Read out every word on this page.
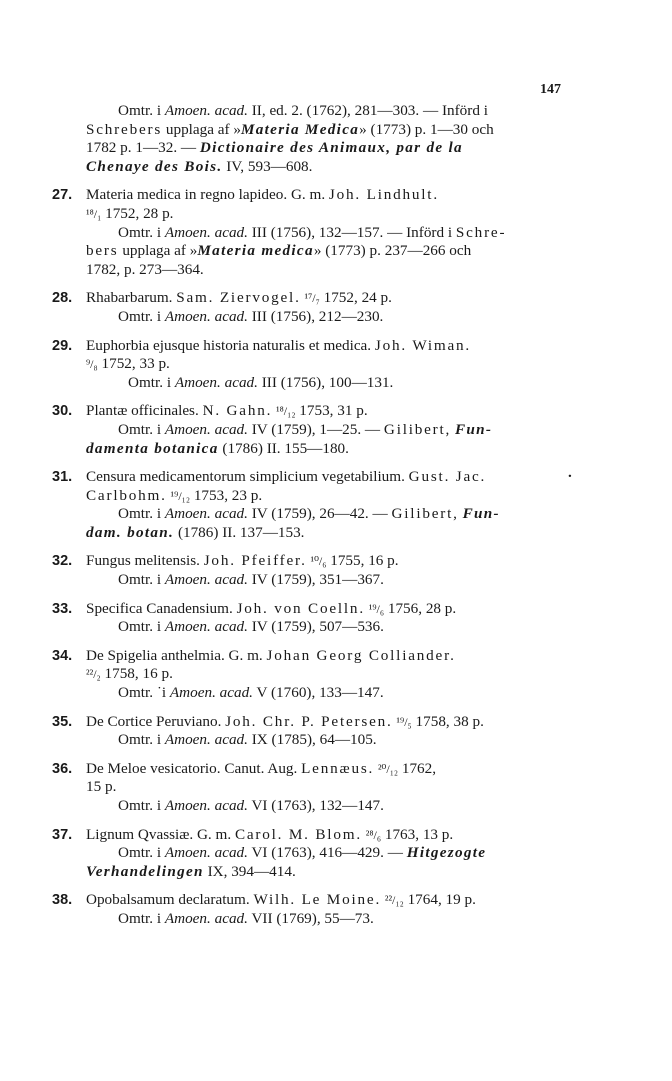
147
.
Omtr. i Amoen. acad. II, ed. 2. (1762), 281—303. — Införd i
Schrebers upplaga af »Materia Medica» (1773) p. 1—30 och
1782 p. 1—32. — Dictionaire des Animaux, par de la
Chenaye des Bois. IV, 593—608.
27. Materia medica in regno lapideo. G. m. Joh. Lindhult.
¹⁸/₁ 1752, 28 p.
Omtr. i Amoen. acad. III (1756), 132—157. — Införd i Schre-
bers upplaga af »Materia medica» (1773) p. 237—266 och
1782, p. 273—364.
28. Rhabarbarum. Sam. Ziervogel. ¹⁷/₇ 1752, 24 p.
Omtr. i Amoen. acad. III (1756), 212—230.
29. Euphorbia ejusque historia naturalis et medica. Joh. Wiman.
⁹/₈ 1752, 33 p.
Omtr. i Amoen. acad. III (1756), 100—131.
30. Plantæ officinales. N. Gahn. ¹⁸/₁₂ 1753, 31 p.
Omtr. i Amoen. acad. IV (1759), 1—25. — Gilibert, Fun-
damenta botanica (1786) II. 155—180.
31. Censura medicamentorum simplicium vegetabilium. Gust. Jac.
Carlbohm. ¹⁹/₁₂ 1753, 23 p.
Omtr. i Amoen. acad. IV (1759), 26—42. — Gilibert, Fun-
dam. botan. (1786) II. 137—153.
32. Fungus melitensis. Joh. Pfeiffer. ¹⁰/₆ 1755, 16 p.
Omtr. i Amoen. acad. IV (1759), 351—367.
33. Specifica Canadensium. Joh. von Coelln. ¹⁹/₆ 1756, 28 p.
Omtr. i Amoen. acad. IV (1759), 507—536.
34. De Spigelia anthelmia. G. m. Johan Georg Colliander.
²²/₂ 1758, 16 p.
Omtr. ˙i Amoen. acad. V (1760), 133—147.
35. De Cortice Peruviano. Joh. Chr. P. Petersen. ¹⁹/₅ 1758, 38 p.
Omtr. i Amoen. acad. IX (1785), 64—105.
36. De Meloe vesicatorio. Canut. Aug. Lennæus. ²⁰/₁₂ 1762,
15 p.
Omtr. i Amoen. acad. VI (1763), 132—147.
37. Lignum Qvassiæ. G. m. Carol. M. Blom. ²⁸/₆ 1763, 13 p.
Omtr. i Amoen. acad. VI (1763), 416—429. — Hitgezogte
Verhandelingen IX, 394—414.
38. Opobalsamum declaratum. Wilh. Le Moine. ²²/₁₂ 1764, 19 p.
Omtr. i Amoen. acad. VII (1769), 55—73.
